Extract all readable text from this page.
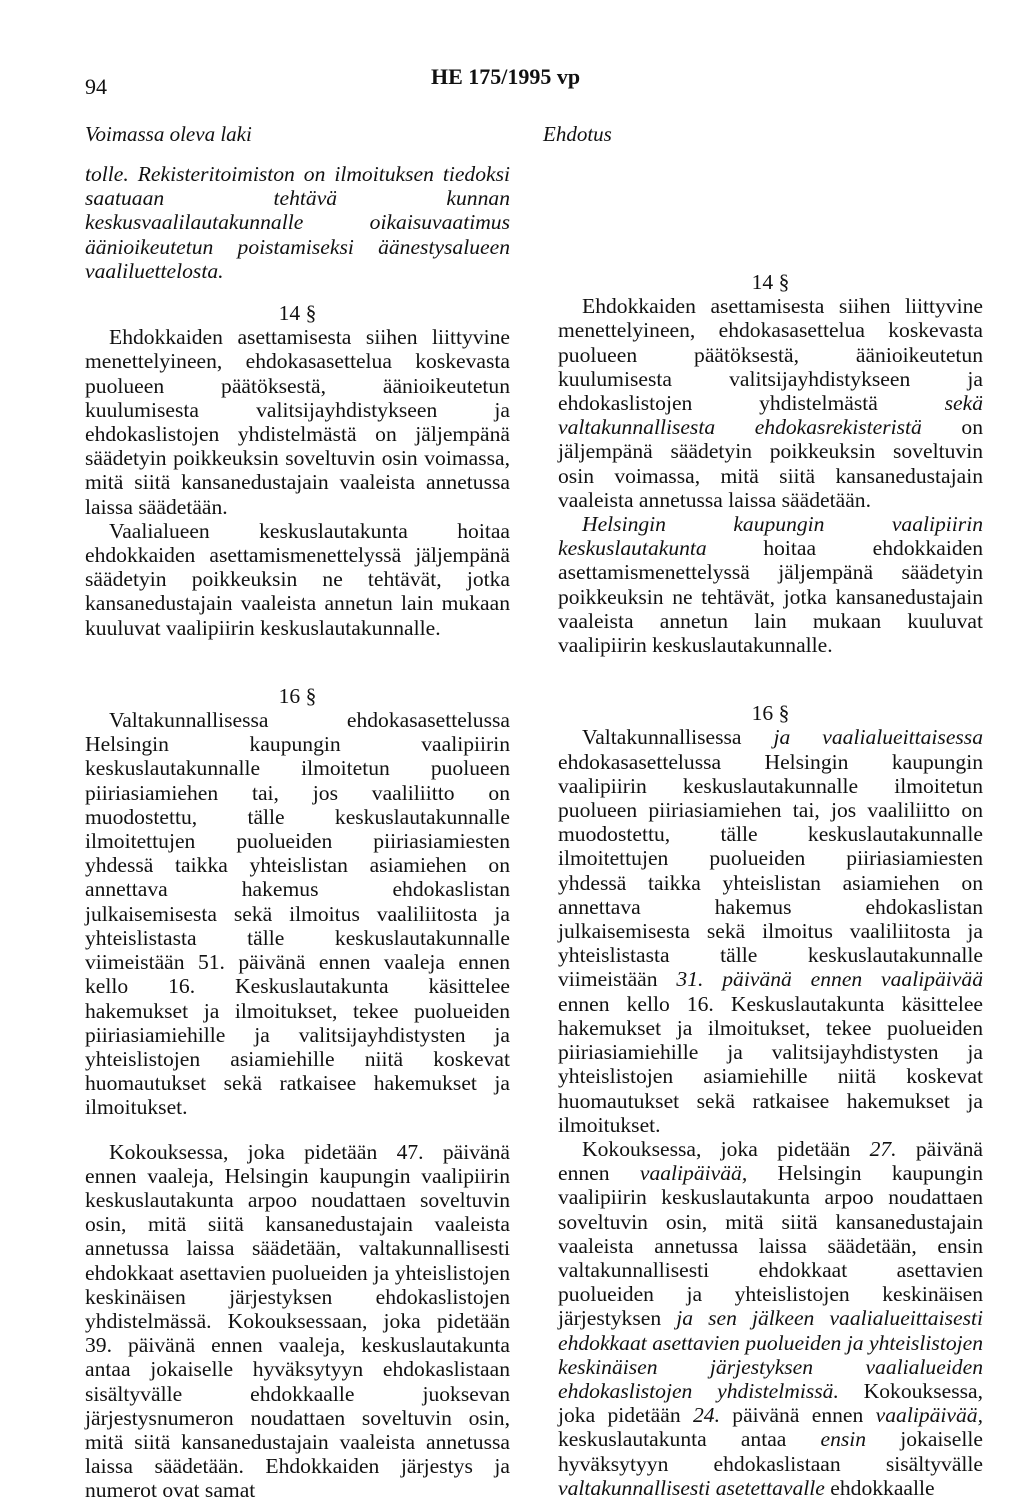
94	HE 175/1995 vp
Voimassa oleva laki	Ehdotus

tolle. Rekisteritoimiston on ilmoituksen tiedoksi saatuaan tehtävä kunnan keskusvaalilautakunnalle oikaisuvaatimus äänioikeutetun poistamiseksi äänestysalueen vaaliluettelosta.

14 §

Ehdokkaiden asettamisesta siihen liittyvine menettelyineen, ehdokasasettelua koskevasta puolueen päätöksestä, äänioikeutetun kuulumisesta valitsijayhdistykseen ja ehdokaslistojen yhdistelmästä on jäljempänä säädetyin poikkeuksin soveltuvin osin voimassa, mitä siitä kansanedustajain vaaleista annetussa laissa säädetään.

Vaalialueen keskuslautakunta hoitaa ehdokkaiden asettamismenettelyssä jäljempänä säädetyin poikkeuksin ne tehtävät, jotka kansanedustajain vaaleista annetun lain mukaan kuuluvat vaalipiirin keskuslautakunnalle.

16 §

Valtakunnallisessa ehdokasasettelussa Helsingin kaupungin vaalipiirin keskuslautakunnalle ilmoitetun puolueen piiriasiamiehen tai, jos vaaliliitto on muodostettu, tälle keskuslautakunnalle ilmoitettujen puolueiden piiriasiamiesten yhdessä taikka yhteislistan asiamiehen on annettava hakemus ehdokaslistan julkaisemisesta sekä ilmoitus vaaliliitosta ja yhteislistasta tälle keskuslautakunnalle viimeistään 51. päivänä ennen vaaleja ennen kello 16. Keskuslautakunta käsittelee hakemukset ja ilmoitukset, tekee puolueiden piiriasiamiehille ja valitsijayhdistysten ja yhteislistojen asiamiehille niitä koskevat huomautukset sekä ratkaisee hakemukset ja ilmoitukset.

Kokouksessa, joka pidetään 47. päivänä ennen vaaleja, Helsingin kaupungin vaalipiirin keskuslautakunta arpoo noudattaen soveltuvin osin, mitä siitä kansanedustajain vaaleista annetussa laissa säädetään, valtakunnallisesti ehdokkaat asettavien puolueiden ja yhteislistojen keskinäisen järjestyksen ehdokaslistojen yhdistelmässä. Kokouksessaan, joka pidetään 39. päivänä ennen vaaleja, keskuslautakunta antaa jokaiselle hyväksytyyn ehdokaslistaan sisältyvälle ehdokkaalle juoksevan järjestysnumeron noudattaen soveltuvin osin, mitä siitä kansanedustajain vaaleista annetussa laissa säädetään. Ehdokkaiden järjestys ja numerot ovat samat

14 §

Ehdokkaiden asettamisesta siihen liittyvine menettelyineen, ehdokasasettelua koskevasta puolueen päätöksestä, äänioikeutetun kuulumisesta valitsijayhdistykseen ja ehdokaslistojen yhdistelmästä sekä valtakunnallisesta ehdokasrekisteristä on jäljempänä säädetyin poikkeuksin soveltuvin osin voimassa, mitä siitä kansanedustajain vaaleista annetussa laissa säädetään.

Helsingin kaupungin vaalipiirin keskuslautakunta hoitaa ehdokkaiden asettamismenettelyssä jäljempänä säädetyin poikkeuksin ne tehtävät, jotka kansanedustajain vaaleista annetun lain mukaan kuuluvat vaalipiirin keskuslautakunnalle.

16 §

Valtakunnallisessa ja vaalialueittaisessa ehdokasasettelussa Helsingin kaupungin vaalipiirin keskuslautakunnalle ilmoitetun puolueen piiriasiamiehen tai, jos vaaliliitto on muodostettu, tälle keskuslautakunnalle ilmoitettujen puolueiden piiriasiamiesten yhdessä taikka yhteislistan asiamiehen on annettava hakemus ehdokaslistan julkaisemisesta sekä ilmoitus vaaliliitosta ja yhteislistasta tälle keskuslautakunnalle viimeistään 31. päivänä ennen vaalipäivää ennen kello 16. Keskuslautakunta käsittelee hakemukset ja ilmoitukset, tekee puolueiden piiriasiamiehille ja valitsijayhdistysten ja yhteislistojen asiamiehille niitä koskevat huomautukset sekä ratkaisee hakemukset ja ilmoitukset.

Kokouksessa, joka pidetään 27. päivänä ennen vaalipäivää, Helsingin kaupungin vaalipiirin keskuslautakunta arpoo noudattaen soveltuvin osin, mitä siitä kansanedustajain vaaleista annetussa laissa säädetään, ensin valtakunnallisesti ehdokkaat asettavien puolueiden ja yhteislistojen keskinäisen järjestyksen ja sen jälkeen vaalialueittaisesti ehdokkaat asettavien puolueiden ja yhteislistojen keskinäisen järjestyksen vaalialueiden ehdokaslistojen yhdistelmissä. Kokouksessa, joka pidetään 24. päivänä ennen vaalipäivää, keskuslautakunta antaa ensin jokaiselle hyväksytyyn ehdokaslistaan sisältyvälle valtakunnallisesti asetettavalle ehdokkaalle
